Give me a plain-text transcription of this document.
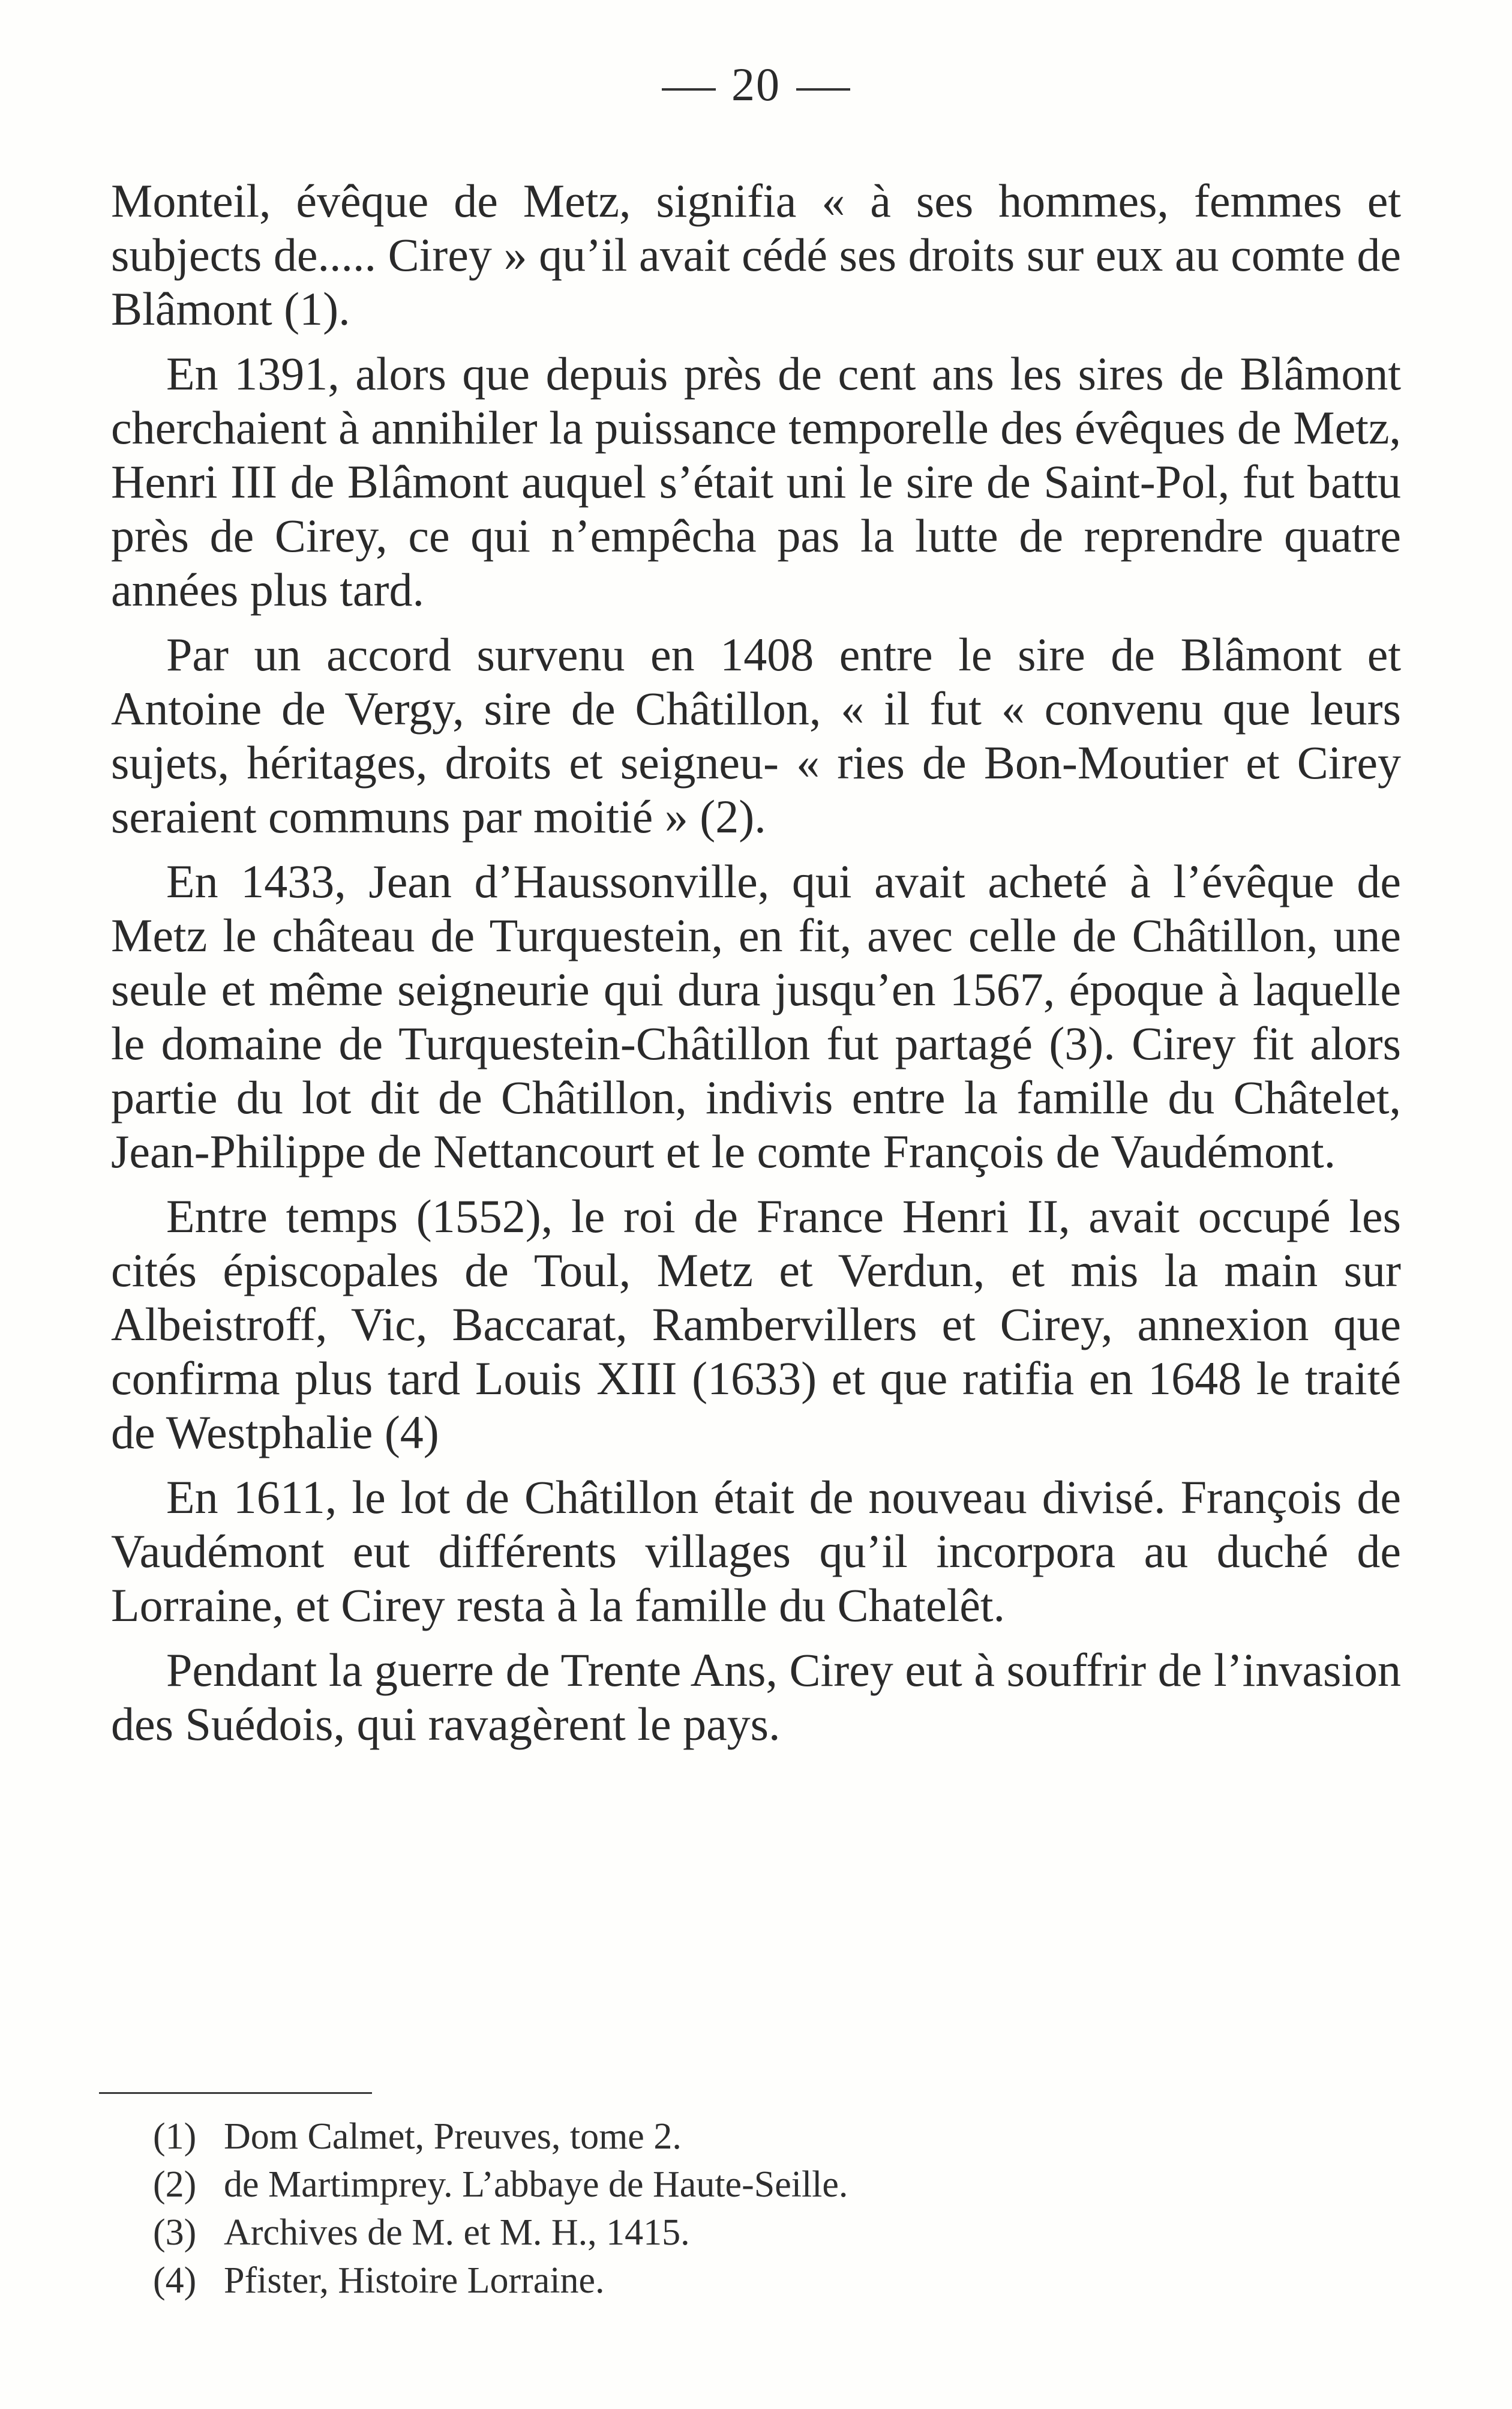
20

Monteil, évêque de Metz, signifia « à ses hommes, femmes et subjects de..... Cirey » qu’il avait cédé ses droits sur eux au comte de Blâmont (1).

En 1391, alors que depuis près de cent ans les sires de Blâmont cherchaient à annihiler la puissance temporelle des évêques de Metz, Henri III de Blâmont auquel s’était uni le sire de Saint-Pol, fut battu près de Cirey, ce qui n’empêcha pas la lutte de reprendre quatre années plus tard.

Par un accord survenu en 1408 entre le sire de Blâmont et Antoine de Vergy, sire de Châtillon, « il fut « convenu que leurs sujets, héritages, droits et seigneu- « ries de Bon-Moutier et Cirey seraient communs par moitié » (2).

En 1433, Jean d’Haussonville, qui avait acheté à l’évêque de Metz le château de Turquestein, en fit, avec celle de Châtillon, une seule et même seigneurie qui dura jusqu’en 1567, époque à laquelle le domaine de Turquestein-Châtillon fut partagé (3). Cirey fit alors partie du lot dit de Châtillon, indivis entre la famille du Châtelet, Jean-Philippe de Nettancourt et le comte François de Vaudémont.

Entre temps (1552), le roi de France Henri II, avait occupé les cités épiscopales de Toul, Metz et Verdun, et mis la main sur Albeistroff, Vic, Baccarat, Rambervillers et Cirey, annexion que confirma plus tard Louis XIII (1633) et que ratifia en 1648 le traité de Westphalie (4)

En 1611, le lot de Châtillon était de nouveau divisé. François de Vaudémont eut différents villages qu’il incorpora au duché de Lorraine, et Cirey resta à la famille du Chatelêt.

Pendant la guerre de Trente Ans, Cirey eut à souffrir de l’invasion des Suédois, qui ravagèrent le pays.

(1) Dom Calmet, Preuves, tome 2.
(2) de Martimprey. L’abbaye de Haute-Seille.
(3) Archives de M. et M. H., 1415.
(4) Pfister, Histoire Lorraine.
